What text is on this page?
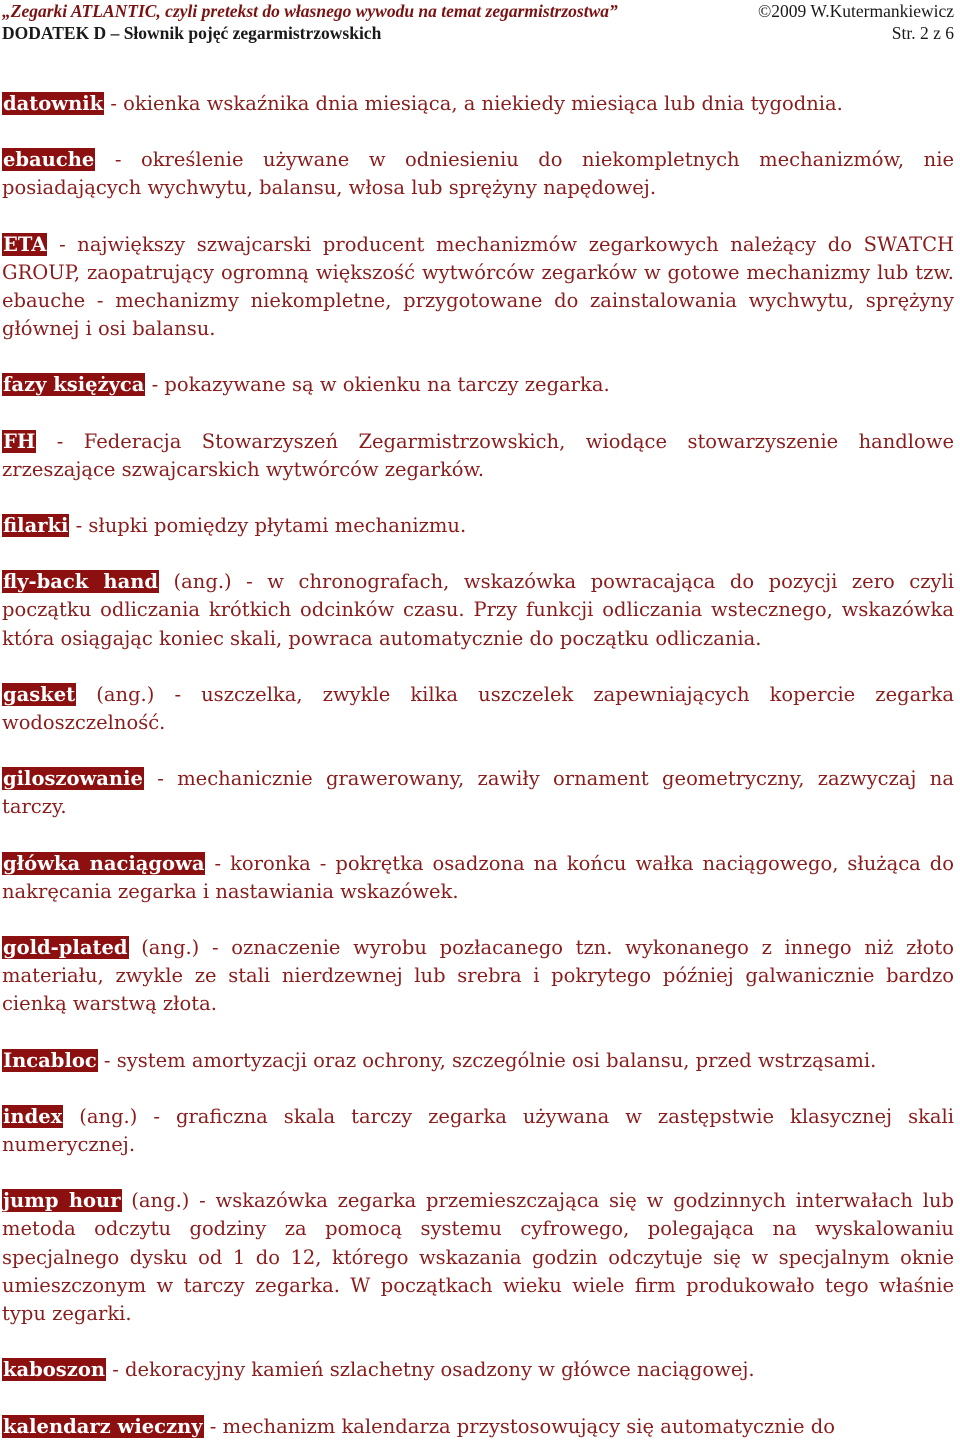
„Zegarki ATLANTIC, czyli pretekst do własnego wywodu na temat zegarmistrzostwa”	©2009 W.Kutermankiewicz
DODATEK D – Słownik pojęć zegarmistrzowskich	Str. 2 z 6

datownik - okienka wskaźnika dnia miesiąca, a niekiedy miesiąca lub dnia tygodnia.

ebauche - określenie używane w odniesieniu do niekompletnych mechanizmów, nie posiadających wychwytu, balansu, włosa lub sprężyny napędowej.

ETA - największy szwajcarski producent mechanizmów zegarkowych należący do SWATCH GROUP, zaopatrujący ogromną większość wytwórców zegarków w gotowe mechanizmy lub tzw. ebauche - mechanizmy niekompletne, przygotowane do zainstalowania wychwytu, sprężyny głównej i osi balansu.

fazy księżyca - pokazywane są w okienku na tarczy zegarka.

FH - Federacja Stowarzyszeń Zegarmistrzowskich, wiodące stowarzyszenie handlowe zrzeszające szwajcarskich wytwórców zegarków.

filarki - słupki pomiędzy płytami mechanizmu.

fly-back hand (ang.) - w chronografach, wskazówka powracająca do pozycji zero czyli początku odliczania krótkich odcinków czasu. Przy funkcji odliczania wstecznego, wskazówka która osiągając koniec skali, powraca automatycznie do początku odliczania.

gasket (ang.) - uszczelka, zwykle kilka uszczelek zapewniających kopercie zegarka wodoszczelność.

giloszowanie - mechanicznie grawerowany, zawiły ornament geometryczny, zazwyczaj na tarczy.

główka naciągowa - koronka - pokrętka osadzona na końcu wałka naciągowego, służąca do nakręcania zegarka i nastawiania wskazówek.

gold-plated (ang.) - oznaczenie wyrobu pozłacanego tzn. wykonanego z innego niż złoto materiału, zwykle ze stali nierdzewnej lub srebra i pokrytego później galwanicznie bardzo cienką warstwą złota.

Incabloc - system amortyzacji oraz ochrony, szczególnie osi balansu, przed wstrząsami.

index (ang.) - graficzna skala tarczy zegarka używana w zastępstwie klasycznej skali numerycznej.

jump hour (ang.) - wskazówka zegarka przemieszczająca się w godzinnych interwałach lub metoda odczytu godziny za pomocą systemu cyfrowego, polegająca na wyskalowaniu specjalnego dysku od 1 do 12, którego wskazania godzin odczytuje się w specjalnym oknie umieszczonym w tarczy zegarka. W początkach wieku wiele firm produkowało tego właśnie typu zegarki.

kaboszon - dekoracyjny kamień szlachetny osadzony w główce naciągowej.

kalendarz wieczny - mechanizm kalendarza przystosowujący się automatycznie do
